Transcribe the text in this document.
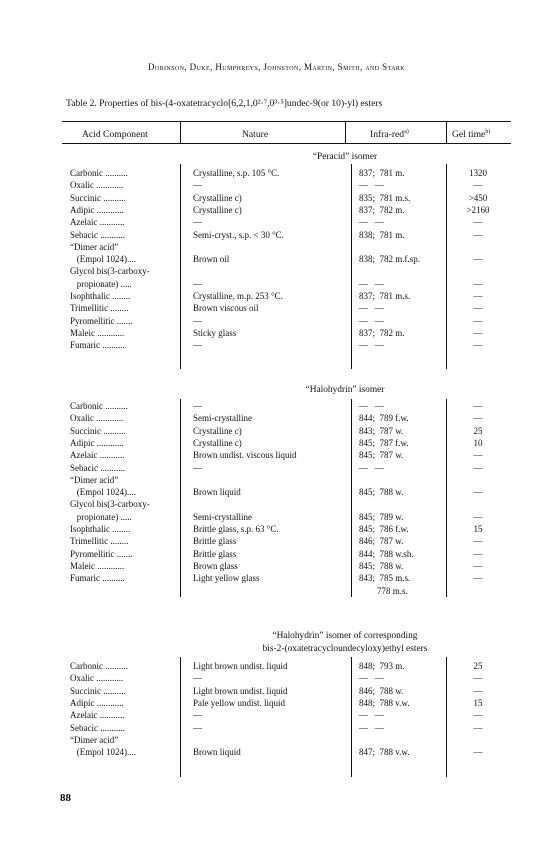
Dobinson, Duke, Humphreys, Johnston, Martin, Smith, and Stark
Table 2. Properties of bis-(4-oxatetracyclo[6,2,1,0²·⁷,0³·⁵]undec-9(or 10)-yl) esters
Acid Component	Nature	Infra-red$^{a)}$	Gel time$^{b)}$
“Peracid” isomer
“Halohydrin” isomer
“Halohydrin” isomer of corresponding
bis-2-(oxatetracycloundecyloxy)ethyl esters
Carbonic ..........	Crystalline, s.p. 105 °C.	837;  781 m.	1320
Oxalic ............	—	—   —	—
Succinic ..........	Crystalline c)	835;  781 m.s.	>450
Adipic ............	Crystalline c)	837;  782 m.	>2160
Azelaic ...........	—	—   —	—
Sebacic ...........	Semi-cryst., s.p. < 30 °C.	838;  781 m.	—
“Dimer acid”
(Empol 1024)....	Brown oil	838;  782 m.f.sp.	—
Glycol bis(3-carboxy-
propionate) .....	—	—   —	—
Isophthalic ........	Crystalline, m.p. 253 °C.	837;  781 m.s.	—
Trimellitic ........	Brown viscous oil	—   —	—
Pyromellitic .......	—	—   —	—
Maleic ............	Sticky glass	837;  782 m.	—
Fumaric ..........	—	—   —	—
Carbonic ..........	—	—   —	—
Oxalic ............	Semi-crystalline	844;  789 f.w.	—
Succinic ..........	Crystalline c)	843;  787 w.	25
Adipic ............	Crystalline c)	845;  787 f.w.	10
Azelaic ...........	Brown undist. viscous liquid	845;  787 w.	—
Sebacic ...........	—	—   —	—
“Dimer acid”
(Empol 1024)....	Brown liquid	845;  788 w.	—
Glycol bis(3-carboxy-
propionate) .....	Semi-crystalline	845;  789 w.	—
Isophthalic ........	Brittle glass, s.p. 63 °C.	845;  786 f.w.	15
Trimellitic ........	Brittle glass	846;  787 w.	—
Pyromellitic .......	Brittle glass	844;  788 w.sh.	—
Maleic ............	Brown glass	845;  788 w.	—
Fumaric ..........	Light yellow glass	843;  785 m.s.	—
778 m.s.
Carbonic ..........	Light brown undist. liquid	848;  793 m.	25
Oxalic ............	—	—   —	—
Succinic ..........	Light brown undist. liquid	846;  788 w.	—
Adipic ............	Pale yellow undist. liquid	848;  788 v.w.	15
Azelaic ...........	—	—   —	—
Sebacic ...........	—	—   —	—
“Dimer acid”
(Empol 1024)....	Brown liquid	847;  788 v.w.	—
88
